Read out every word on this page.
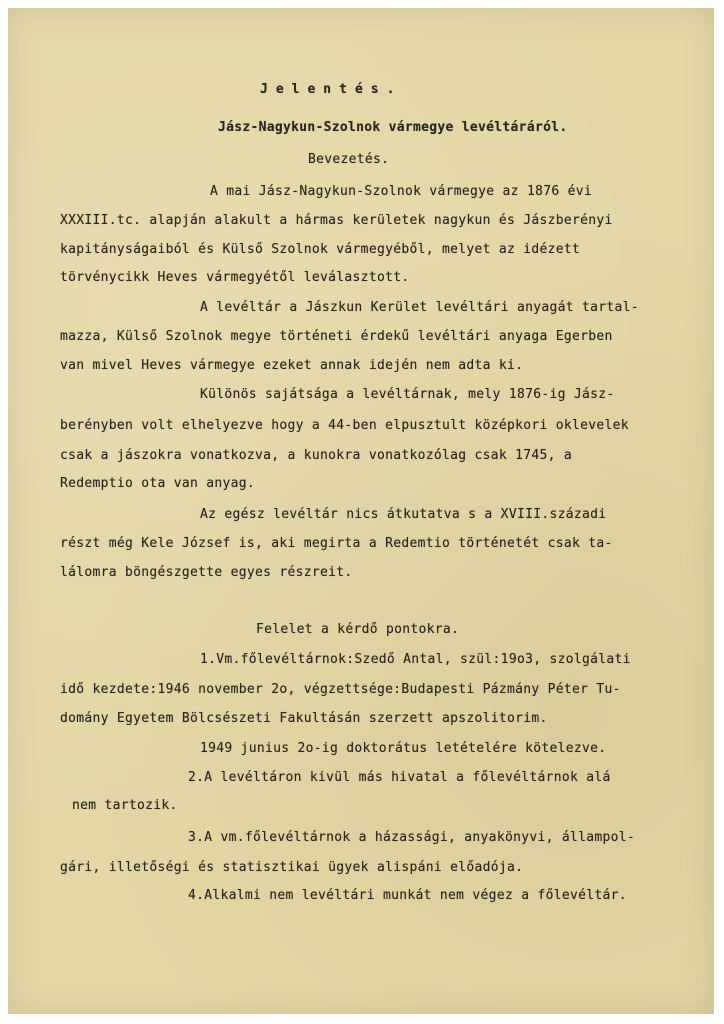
Jelentés.
Jász-Nagykun-Szolnok vármegye levéltáráról.
Bevezetés.
A mai Jász-Nagykun-Szolnok vármegye az 1876 évi
XXXIII.tc. alapján alakult a hármas kerületek nagykun és Jászberényi
kapitányságaiból és Külső Szolnok vármegyéből, melyet az idézett
törvénycikk Heves vármegyétől leválasztott.
A levéltár a Jászkun Kerület levéltári anyagát tartal-
mazza, Külső Szolnok megye történeti érdekű levéltári anyaga Egerben
van mivel Heves vármegye ezeket annak idején nem adta ki.
Különös sajátsága a levéltárnak, mely 1876-ig Jász-
berényben volt elhelyezve hogy a 44-ben elpusztult középkori oklevelek
csak a jászokra vonatkozva, a kunokra vonatkozólag csak 1745, a
Redemptio ota van anyag.
Az egész levéltár nics átkutatva s a XVIII.századi
részt még Kele József is, aki megirta a Redemtio történetét csak ta-
lálomra böngészgette egyes részreit.
Felelet a kérdő pontokra.
1.Vm.főlevéltárnok:Szedő Antal, szül:19o3, szolgálati
idő kezdete:1946 november 2o, végzettsége:Budapesti Pázmány Péter Tu-
domány Egyetem Bölcsészeti Fakultásán szerzett apszolitorim.
1949 junius 2o-ig doktorátus letételére kötelezve.
2.A levéltáron kivül más hivatal a főlevéltárnok alá
nem tartozik.
3.A vm.főlevéltárnok a házassági, anyakönyvi, állampol-
gári, illetőségi és statisztikai ügyek alispáni előadója.
4.Alkalmi nem levéltári munkát nem végez a főlevéltár.
